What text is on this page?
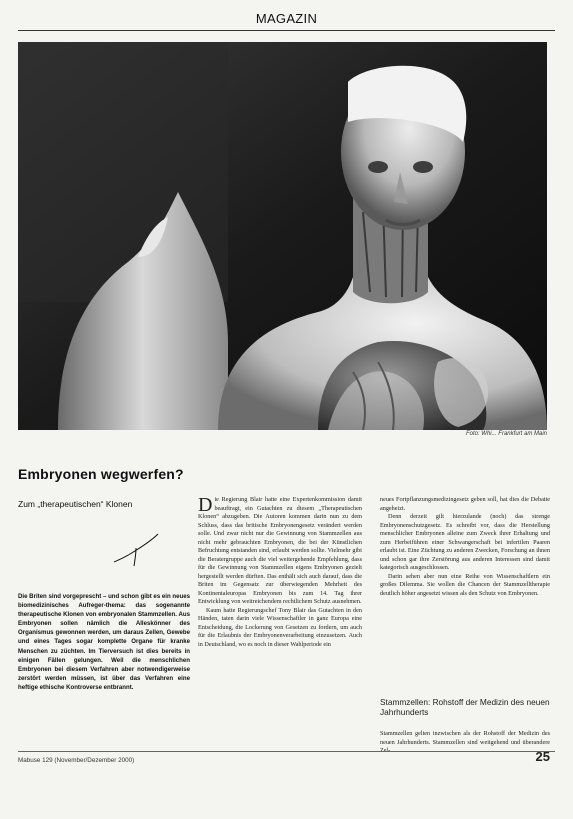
MAGAZIN
Foto: Whi... Frankfurt am Main
Embryonen wegwerfen?

Zum „therapeutischen“ Klonen

Die Briten sind vorgeprescht – und schon gibt es ein neues biomedizinisches Aufreger-thema: das sogenannte therapeutische Klonen von embryonalen Stammzellen. Aus Embryonen sollen nämlich die Alleskönner des Organismus gewonnen werden, um daraus Zellen, Gewebe und eines Tages sogar komplette Organe für kranke Menschen zu züchten. Im Tierversuch ist dies bereits in einigen Fällen gelungen. Weil die menschlichen Embryonen bei diesem Verfahren aber notwendigerweise zerstört werden müssen, ist über das Verfahren eine heftige ethische Kontroverse entbrannt.

Die Regierung Blair hatte eine Expertenkommission damit beauftragt, ein Gutachten zu diesem „Therapeutischen Klonen“ abzugeben. Die Autoren kommen darin nun zu dem Schluss, dass das britische Embryonengesetz verändert werden solle. Und zwar nicht nur die Gewinnung von Stammzellen aus nicht mehr gebrauchten Embryonen, die bei der Künstlichen Befruchtung entstanden sind, erlaubt werden sollte. Vielmehr gibt die Beratergruppe auch die viel weitergehende Empfehlung, dass für die Gewinnung von Stammzellen eigens Embryonen gezielt hergestellt werden dürften. Das enthält sich auch darauf, dass die Briten im Gegensatz zur überwiegenden Mehrheit des Kontinentaleuropas Embryonen bis zum 14. Tag ihrer Entwicklung von weitreichendem rechtlichem Schutz ausnehmen.

Kaum hatte Regierungschef Tony Blair das Gutachten in den Händen, taten darin viele Wissenschaftler in ganz Europa eine Entscheidung, die Lockerung von Gesetzen zu fordern, um auch für die Erlaubnis der Embryonenverarbeitung einzusetzen. Auch in Deutschland, wo es noch in dieser Wahlperiode ein

neues Fortpflanzungsmedizingesetz geben soll, hat dies die Debatte angeheizt.

Denn derzeit gilt hierzulande (noch) das strenge Embryonenschutzgesetz. Es schreibt vor, dass die Herstellung menschlicher Embryonen alleine zum Zweck ihrer Erhaltung und zum Herbeiführen einer Schwangerschaft bei infertilen Paaren erlaubt ist. Eine Züchtung zu anderen Zwecken, Forschung an ihnen und schon gar ihre Zerstörung aus anderen Interessen sind damit kategorisch ausgeschlossen.

Darin sehen aber nun eine Reihe von Wissenschaftlern ein großes Dilemma. Sie wollen die Chancen der Stammzelltherapie deutlich höher angesetzt wissen als den Schutz von Embryonen.

Stammzellen: Rohstoff der Medizin des neuen Jahrhunderts

Stammzellen gelten inzwischen als der Rohstoff der Medizin des neuen Jahrhunderts. Stammzellen sind weitgehend und überandere Zel-

Mabuse 129 (November/Dezember 2000)	25
